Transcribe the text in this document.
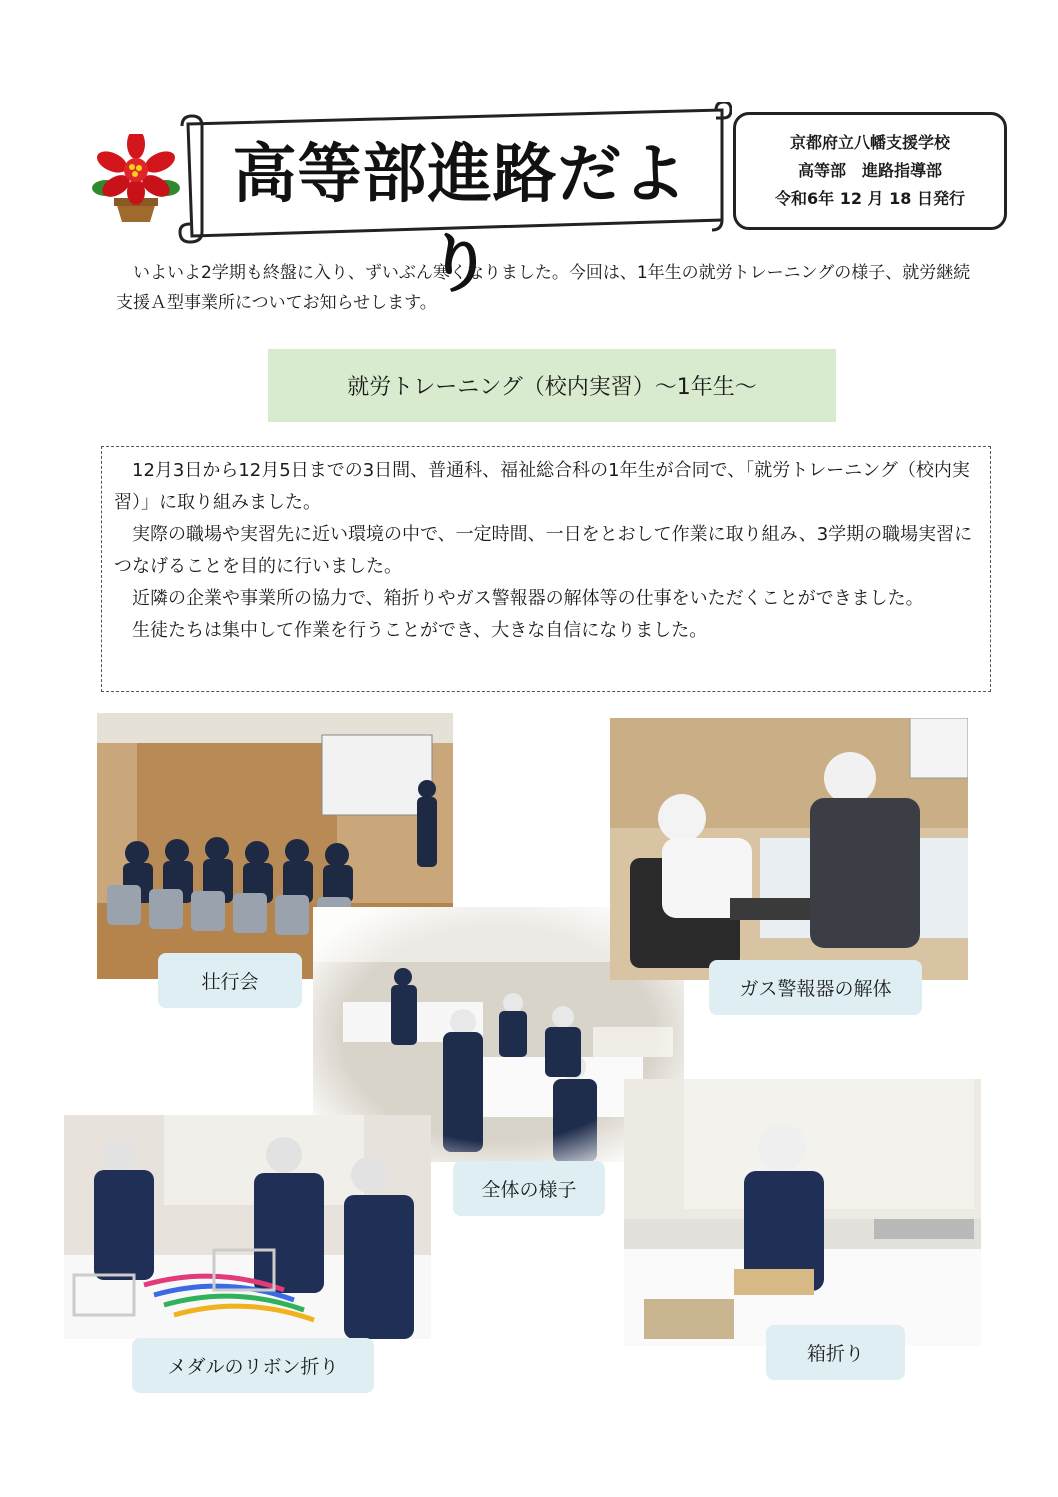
高等部進路だより
京都府立八幡支援学校
高等部　進路指導部
令和6年 12 月 18 日発行

いよいよ2学期も終盤に入り、ずいぶん寒くなりました。今回は、1年生の就労トレーニングの様子、就労継続支援Ａ型事業所についてお知らせします。

就労トレーニング（校内実習）～1年生～

12月3日から12月5日までの3日間、普通科、福祉総合科の1年生が合同で、「就労トレーニング（校内実習）」に取り組みました。

実際の職場や実習先に近い環境の中で、一定時間、一日をとおして作業に取り組み、3学期の職場実習につなげることを目的に行いました。

近隣の企業や事業所の協力で、箱折りやガス警報器の解体等の仕事をいただくことができました。

生徒たちは集中して作業を行うことができ、大きな自信になりました。

壮行会	ガス警報器の解体
全体の様子
メダルのリボン折り
箱折り
